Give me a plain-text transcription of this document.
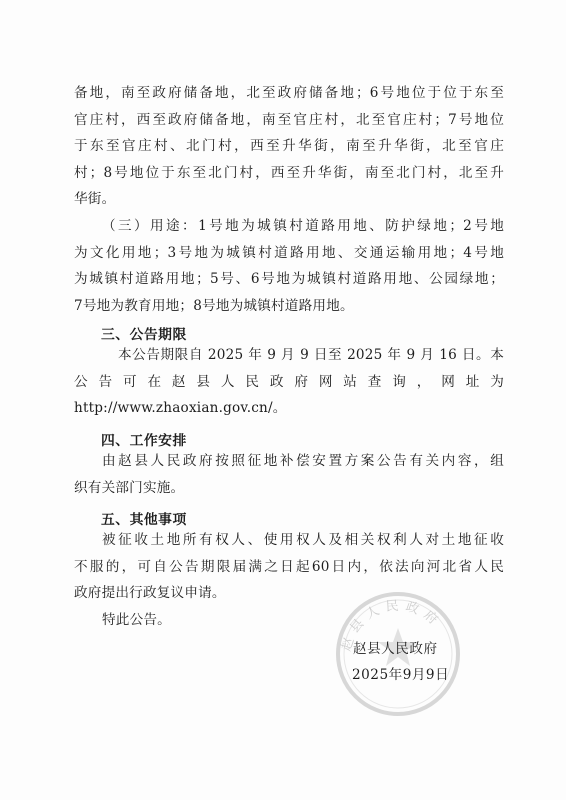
备地，南至政府储备地，北至政府储备地；6号地位于位于东至
官庄村，西至政府储备地，南至官庄村，北至官庄村；7号地位
于东至官庄村、北门村，西至升华街，南至升华街，北至官庄
村；8号地位于东至北门村，西至升华街，南至北门村，北至升
华街。
（三）用途：1号地为城镇村道路用地、防护绿地；2号地
为文化用地；3号地为城镇村道路用地、交通运输用地；4号地
为城镇村道路用地；5号、6号地为城镇村道路用地、公园绿地；
7号地为教育用地；8号地为城镇村道路用地。
三、公告期限
本公告期限自 2025 年 9 月 9 日至 2025 年 9 月 16 日。本
公 告 可 在 赵 县 人 民 政 府 网 站 查 询 ， 网 址 为
http://www.zhaoxian.gov.cn/。
四、工作安排
由赵县人民政府按照征地补偿安置方案公告有关内容，组
织有关部门实施。
五、其他事项
被征收土地所有权人、使用权人及相关权利人对土地征收
不服的，可自公告期限届满之日起60日内，依法向河北省人民
政府提出行政复议申请。
特此公告。
赵县人民政府
赵县人民政府
2025年9月9日
